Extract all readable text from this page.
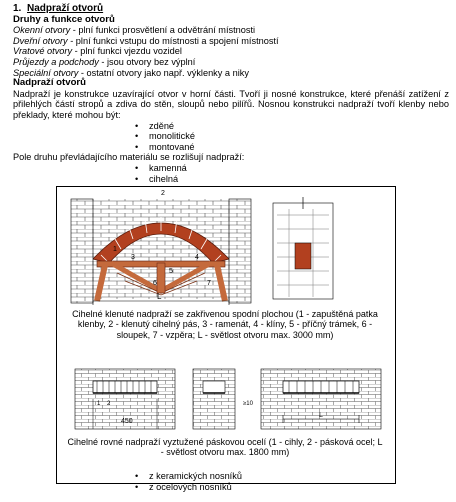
1. Nadpraží otvorů

Druhy a funkce otvorů

Okenní otvory - plní funkci prosvětlení a odvětrání místnosti

Dveřní otvory - plní funkci vstupu do místnosti a spojení místností

Vratové otvory - plní funkci vjezdu vozidel

Průjezdy a podchody - jsou otvory bez výplní

Speciální otvory - ostatní otvory jako např. výklenky a niky

Nadpraží otvorů

Nadpraží je konstrukce uzavírající otvor v horní části. Tvoří ji nosné konstrukce, které přenáší zatížení z přilehlých částí stropů a zdiva do stěn, sloupů nebo pilířů. Nosnou konstrukci nadpraží tvoří klenby nebo překlady, které mohou být:

• zděné
• monolitické
• montované

Pole druhu převládajícího materiálu se rozlišují nadpraží:

• kamenná
• cihelná
L
1
2
3	4
5
6	7
Cihelné klenuté nadpraží se zakřivenou spodní plochou (1 - zapuštěná patka klenby, 2 - klenutý cihelný pás, 3 - ramenát, 4 - klíny, 5 - příčný trámek, 6 - sloupek, 7 - vzpěra; L - světlost otvoru max. 3000 mm)
450
1 2
L
≥10
Cihelné rovné nadpraží vyztužené páskovou ocelí (1 - cihly, 2 - pásková ocel; L - světlost otvoru max. 1800 mm)
• z keramických nosníků
• z ocelových nosníků
